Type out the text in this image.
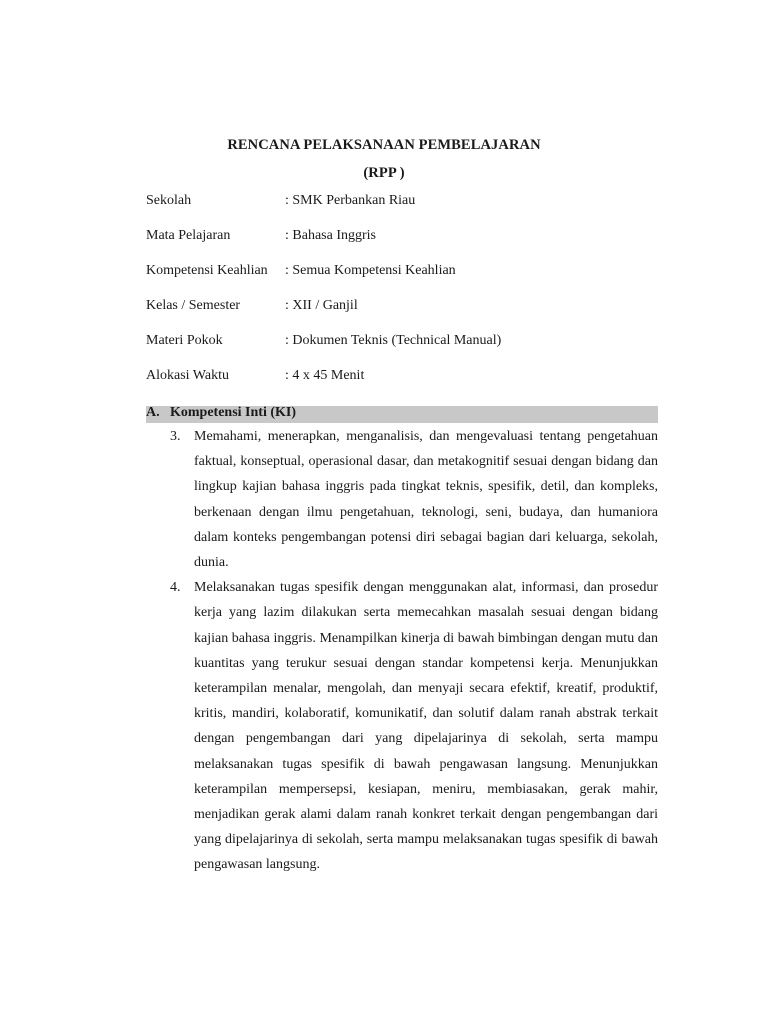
RENCANA PELAKSANAAN PEMBELAJARAN
(RPP )
Sekolah	: SMK Perbankan Riau
Mata Pelajaran	: Bahasa Inggris
Kompetensi Keahlian	: Semua Kompetensi Keahlian
Kelas / Semester	: XII / Ganjil
Materi Pokok	: Dokumen Teknis (Technical Manual)
Alokasi Waktu	: 4 x 45 Menit
A. Kompetensi Inti (KI)
3. Memahami, menerapkan, menganalisis, dan mengevaluasi tentang pengetahuan faktual, konseptual, operasional dasar, dan metakognitif sesuai dengan bidang dan lingkup kajian bahasa inggris pada tingkat teknis, spesifik, detil, dan kompleks, berkenaan dengan ilmu pengetahuan, teknologi, seni, budaya, dan humaniora dalam konteks pengembangan potensi diri sebagai bagian dari keluarga, sekolah, dunia.

4. Melaksanakan tugas spesifik dengan menggunakan alat, informasi, dan prosedur kerja yang lazim dilakukan serta memecahkan masalah sesuai dengan bidang kajian bahasa inggris. Menampilkan kinerja di bawah bimbingan dengan mutu dan kuantitas yang terukur sesuai dengan standar kompetensi kerja. Menunjukkan keterampilan menalar, mengolah, dan menyaji secara efektif, kreatif, produktif, kritis, mandiri, kolaboratif, komunikatif, dan solutif dalam ranah abstrak terkait dengan pengembangan dari yang dipelajarinya di sekolah, serta mampu melaksanakan tugas spesifik di bawah pengawasan langsung. Menunjukkan keterampilan mempersepsi, kesiapan, meniru, membiasakan, gerak mahir, menjadikan gerak alami dalam ranah konkret terkait dengan pengembangan dari yang dipelajarinya di sekolah, serta mampu melaksanakan tugas spesifik di bawah pengawasan langsung.
